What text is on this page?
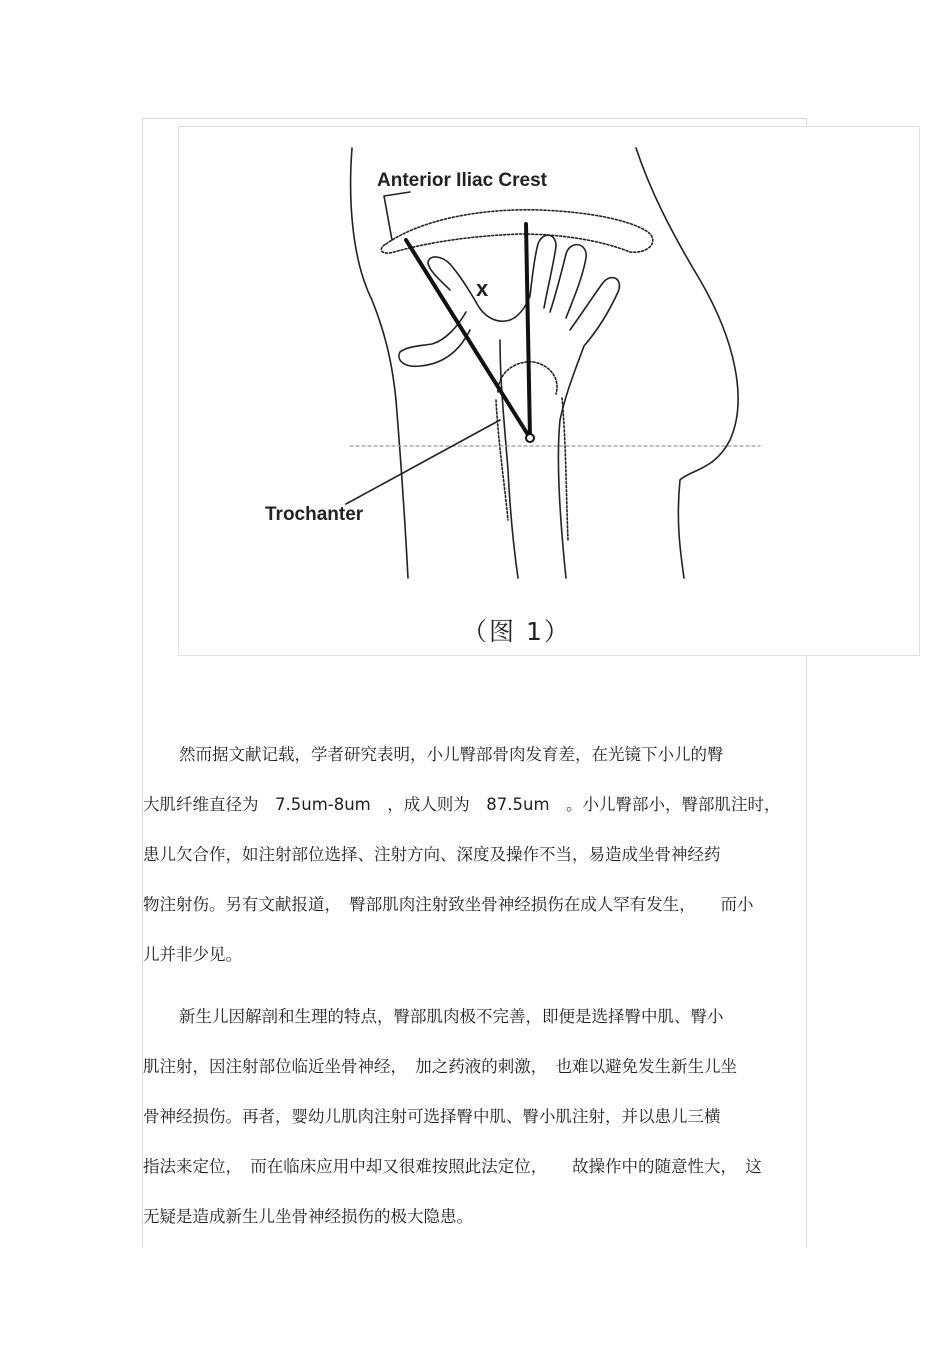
Anterior Iliac Crest
x
Trochanter
（图 1）
然而据文献记载，学者研究表明，小儿臀部骨肉发育差，在光镜下小儿的臀
大肌纤维直径为　7.5um-8um　，成人则为　87.5um　。小儿臀部小，臀部肌注时，
患儿欠合作，如注射部位选择、注射方向、深度及操作不当，易造成坐骨神经药
物注射伤。另有文献报道，　臀部肌肉注射致坐骨神经损伤在成人罕有发生，　　而小
儿并非少见。
新生儿因解剖和生理的特点，臀部肌肉极不完善，即便是选择臀中肌、臀小
肌注射，因注射部位临近坐骨神经，　加之药液的刺激，　也难以避免发生新生儿坐
骨神经损伤。再者，婴幼儿肌肉注射可选择臀中肌、臀小肌注射，并以患儿三横
指法来定位，　而在临床应用中却又很难按照此法定位，　　故操作中的随意性大，　这
无疑是造成新生儿坐骨神经损伤的极大隐患。
